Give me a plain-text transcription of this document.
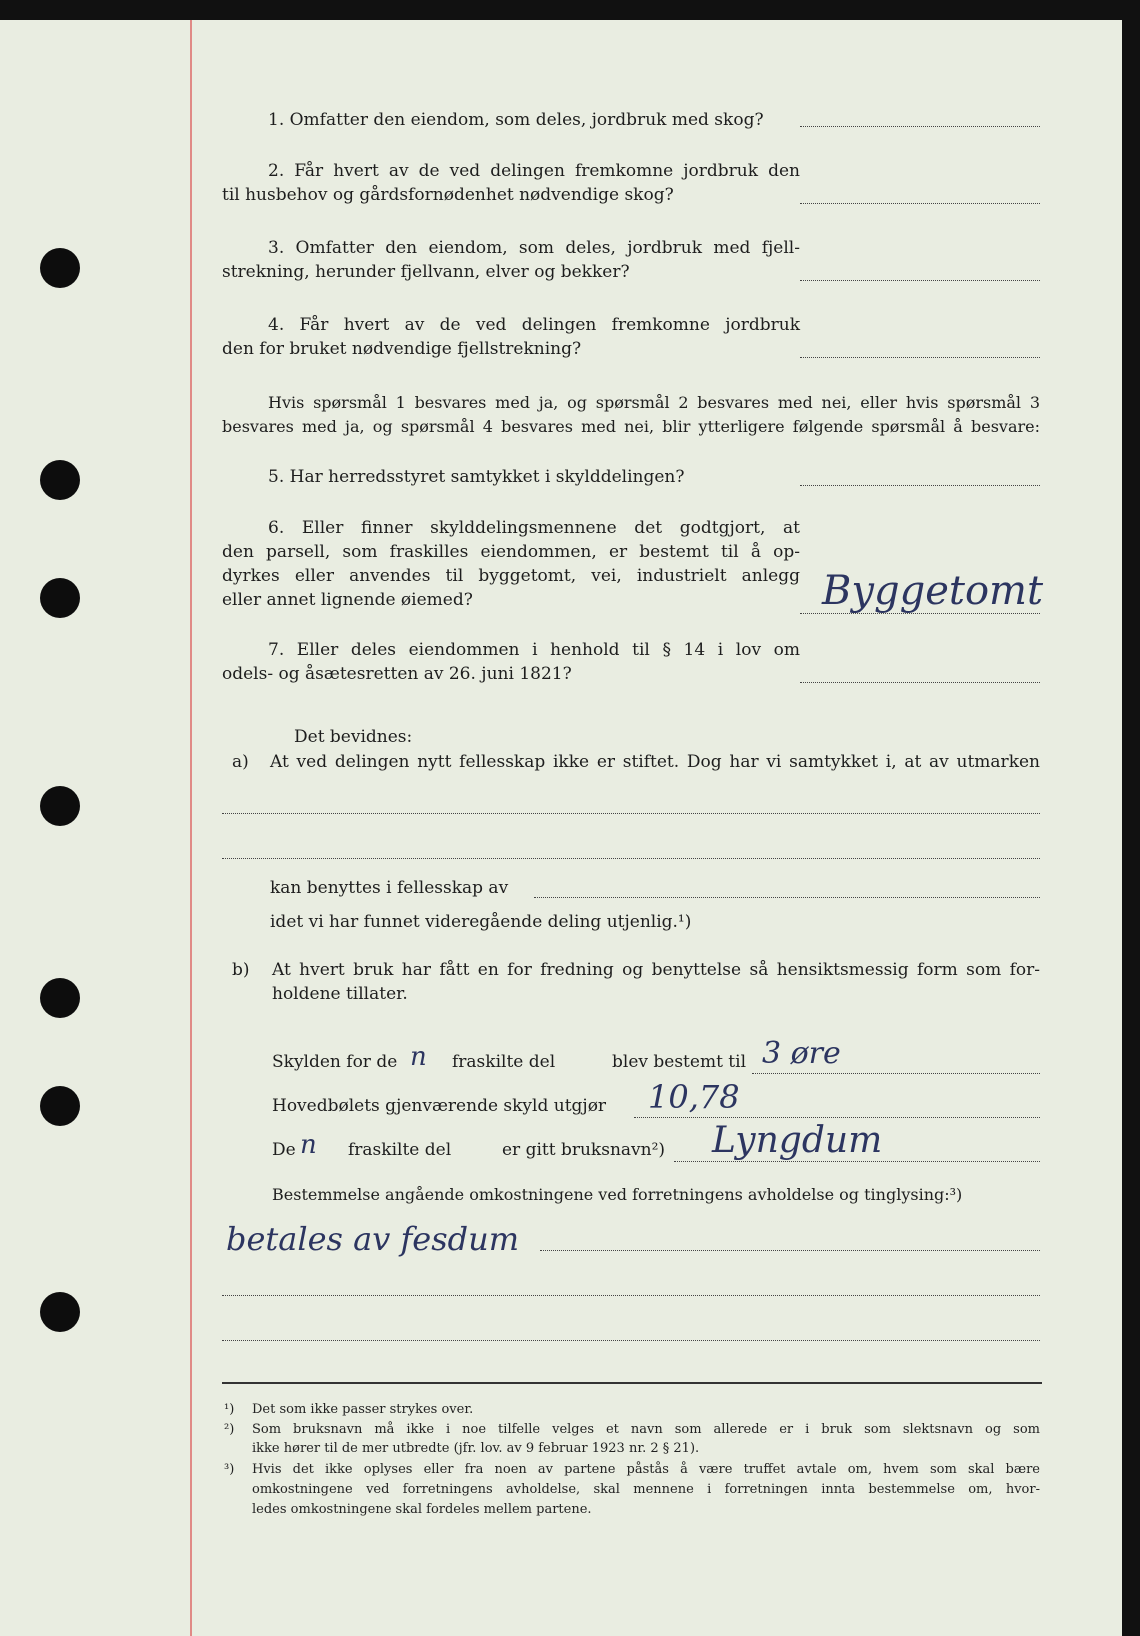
1. Omfatter den eiendom, som deles, jordbruk med skog?
2. Får hvert av de ved delingen fremkomne jordbruk den
til husbehov og gårdsfornødenhet nødvendige skog?
3. Omfatter den eiendom, som deles, jordbruk med fjell-
strekning, herunder fjellvann, elver og bekker?
4. Får hvert av de ved delingen fremkomne jordbruk
den for bruket nødvendige fjellstrekning?
Hvis spørsmål 1 besvares med ja, og spørsmål 2 besvares med nei, eller hvis spørsmål 3
besvares med ja, og spørsmål 4 besvares med nei, blir ytterligere følgende spørsmål å besvare:
5. Har herredsstyret samtykket i skylddelingen?
6. Eller finner skylddelingsmennene det godtgjort, at
den parsell, som fraskilles eiendommen, er bestemt til å op-
dyrkes eller anvendes til byggetomt, vei, industrielt anlegg
eller annet lignende øiemed?	Byggetomt
7. Eller deles eiendommen i henhold til § 14 i lov om
odels- og åsætesretten av 26. juni 1821?
Det bevidnes:
a) At ved delingen nytt fellesskap ikke er stiftet. Dog har vi samtykket i, at av utmarken
kan benyttes i fellesskap av
idet vi har funnet videregående deling utjenlig.¹)
b) At hvert bruk har fått en for fredning og benyttelse så hensiktsmessig form som for-
holdene tillater.
Skylden for de n fraskilte del	blev bestemt til 3 øre
Hovedbølets gjenværende skyld utgjør 10,78
De n fraskilte del	er gitt bruksnavn²) Lyngdum
Bestemmelse angående omkostningene ved forretningens avholdelse og tinglysing:³)
betales av fesdum
¹) Det som ikke passer strykes over.
²) Som bruksnavn må ikke i noe tilfelle velges et navn som allerede er i bruk som slektsnavn og som
ikke hører til de mer utbredte (jfr. lov. av 9 februar 1923 nr. 2 § 21).
³) Hvis det ikke oplyses eller fra noen av partene påstås å være truffet avtale om, hvem som skal bære
omkostningene ved forretningens avholdelse, skal mennene i forretningen innta bestemmelse om, hvor-
ledes omkostningene skal fordeles mellem partene.
